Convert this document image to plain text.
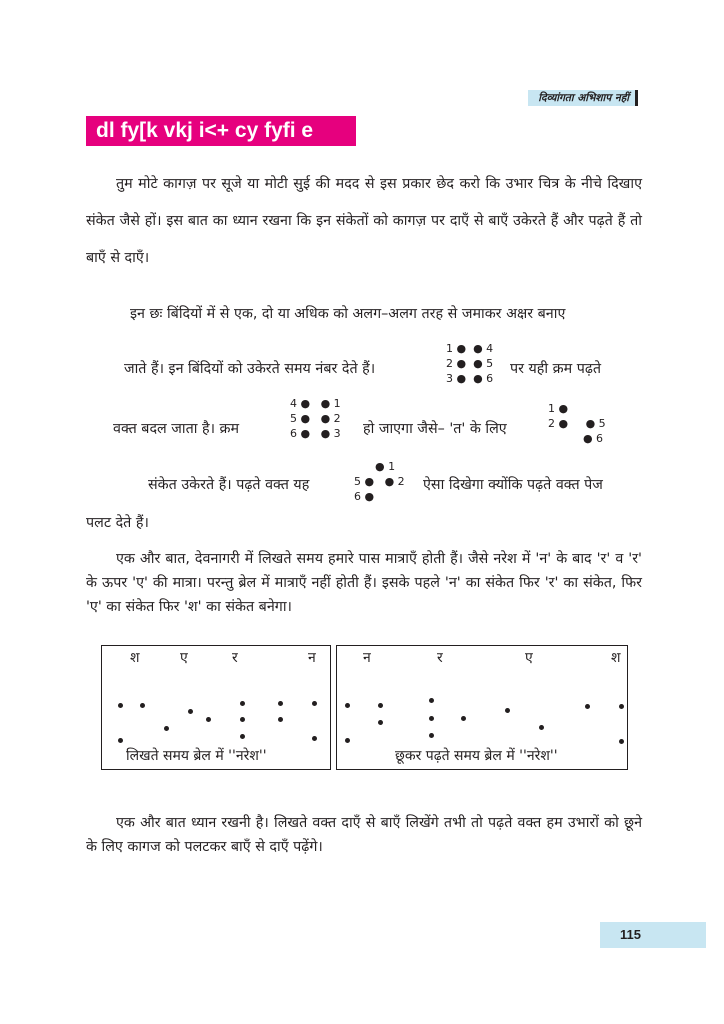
दिव्यांगता अभिशाप नहीं
dl fy[k vkj i<+ cy fyfi e
तुम मोटे कागज़ पर सूजे या मोटी सुई की मदद से इस प्रकार छेद करो कि उभार चित्र के नीचे दिखाए संकेत जैसे हों। इस बात का ध्यान रखना कि इन संकेतों को कागज़ पर दाएँ से बाएँ उकेरते हैं और पढ़ते हैं तो बाएँ से दाएँ।
इन छः बिंदियों में से एक, दो या अधिक को अलग–अलग तरह से जमाकर अक्षर बनाए
जाते हैं। इन बिंदियों को उकेरते समय नंबर देते हैं।
1 ●  ● 4
2 ●  ● 5
3 ●  ● 6
पर यही क्रम पढ़ते
वक्त बदल जाता है। क्रम
4 ●   ● 1
5 ●   ● 2
6 ●   ● 3 हो जाएगा जैसे– 'त' के लिए
1 ●
2 ●     ● 5
● 6
संकेत उकेरते हैं। पढ़ते वक्त यह
● 1
5 ●   ● 2
6 ●
ऐसा दिखेगा क्योंकि पढ़ते वक्त पेज
पलट देते हैं।
एक और बात, देवनागरी में लिखते समय हमारे पास मात्राएँ होती हैं। जैसे नरेश में 'न' के बाद 'र' व 'र' के ऊपर 'ए' की मात्रा। परन्तु ब्रेल में मात्राएँ नहीं होती हैं। इसके पहले 'न' का संकेत फिर 'र' का संकेत, फिर 'ए' का संकेत फिर 'श' का संकेत बनेगा।
श	ए	र	न
लिखते समय ब्रेल में ''नरेश''
न	र	ए	श
छूकर पढ़ते समय ब्रेल में ''नरेश''
एक और बात ध्यान रखनी है। लिखते वक्त दाएँ से बाएँ लिखेंगे तभी तो पढ़ते वक्त हम उभारों को छूने के लिए कागज को पलटकर बाएँ से दाएँ पढ़ेंगे।
115
